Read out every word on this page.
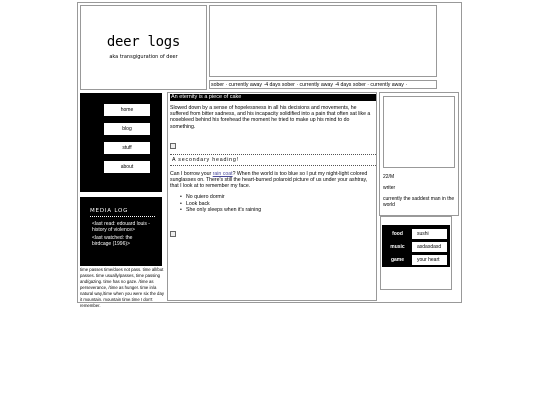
deer logs
aka transgiguration of deer
sober · currently away ·4 days sober · currently away ·4 days sober · currently away ·
home
blog
stuff
about
MEDIA LOG

<last read: edouard louis - history of violence>

<last watched: the birdcage (1996)>

time passes time/does not pass. time all/but passes. time usually/passes, time passing and/gazing. time has no gaze. /time as perseverance, /time as hunger. time in/a natural way,/time when you were six the day it mountain. mountain time.time I don't remember.
An eternity is a piece of cake
Slowed down by a sense of hopelessness in all his decisions and movements, he suffered from bitter sadness, and his incapacity solidified into a pain that often sat like a nosebleed behind his forehead the moment he tried to make up his mind to do something.
A secondary heading!
Can I borrow your rain coat? When the world is too blue so I put my night-light colored sunglasses on. There's still the heart-burned polaroid picture of us under your ashtray, that I look at to remember my face.
• No quiero dormir
• Look back
• She only sleeps when it's raining

22/M

writer

currently the saddest man in the world

food	sushi
music	asdasdasd
game	your heart
